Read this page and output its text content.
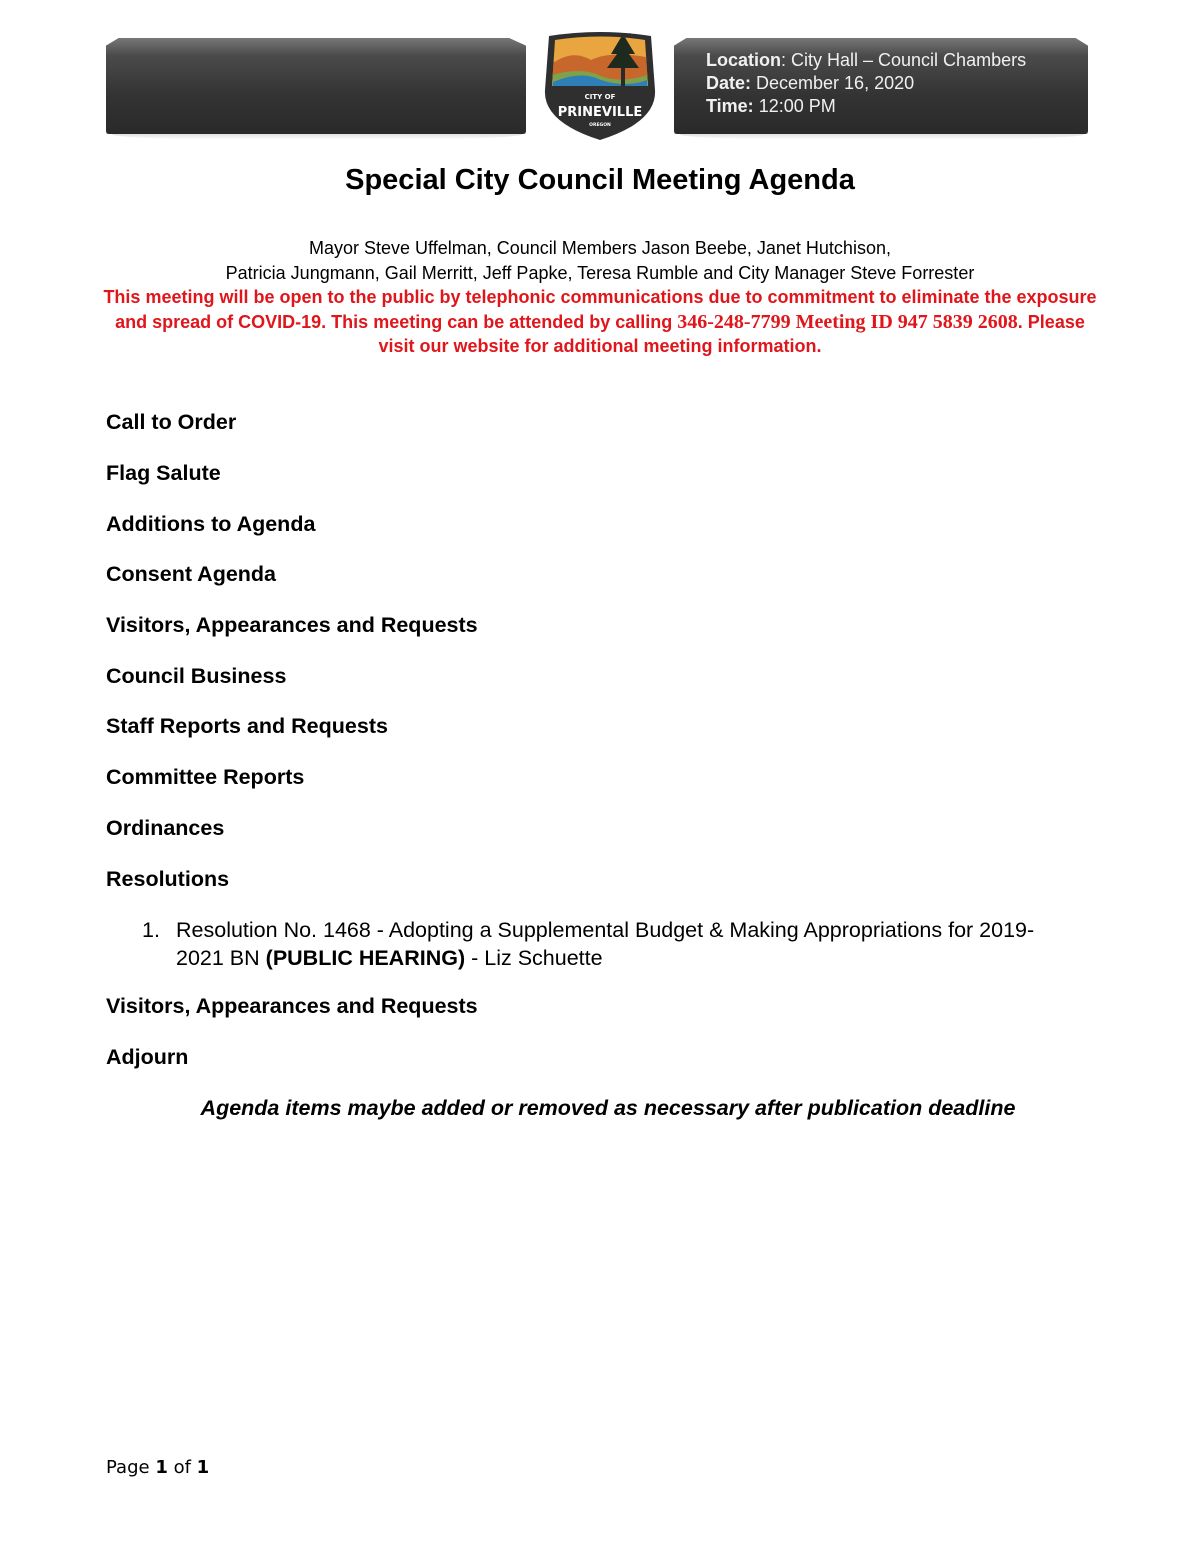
Location: City Hall – Council Chambers
Date: December 16, 2020
Time: 12:00 PM
CITY OF
PRINEVILLE
OREGON
Special City Council Meeting Agenda
Mayor Steve Uffelman, Council Members Jason Beebe, Janet Hutchison,
Patricia Jungmann, Gail Merritt, Jeff Papke, Teresa Rumble and City Manager Steve Forrester
This meeting will be open to the public by telephonic communications due to commitment to eliminate the exposure and spread of COVID-19. This meeting can be attended by calling 346-248-7799 Meeting ID 947 5839 2608. Please visit our website for additional meeting information.
Call to Order
Flag Salute
Additions to Agenda
Consent Agenda
Visitors, Appearances and Requests
Council Business
Staff Reports and Requests
Committee Reports
Ordinances
Resolutions
Visitors, Appearances and Requests
Adjourn
1. Resolution No. 1468 - Adopting a Supplemental Budget & Making Appropriations for 2019-2021 BN (PUBLIC HEARING) - Liz Schuette
Agenda items maybe added or removed as necessary after publication deadline
Page 1 of 1
